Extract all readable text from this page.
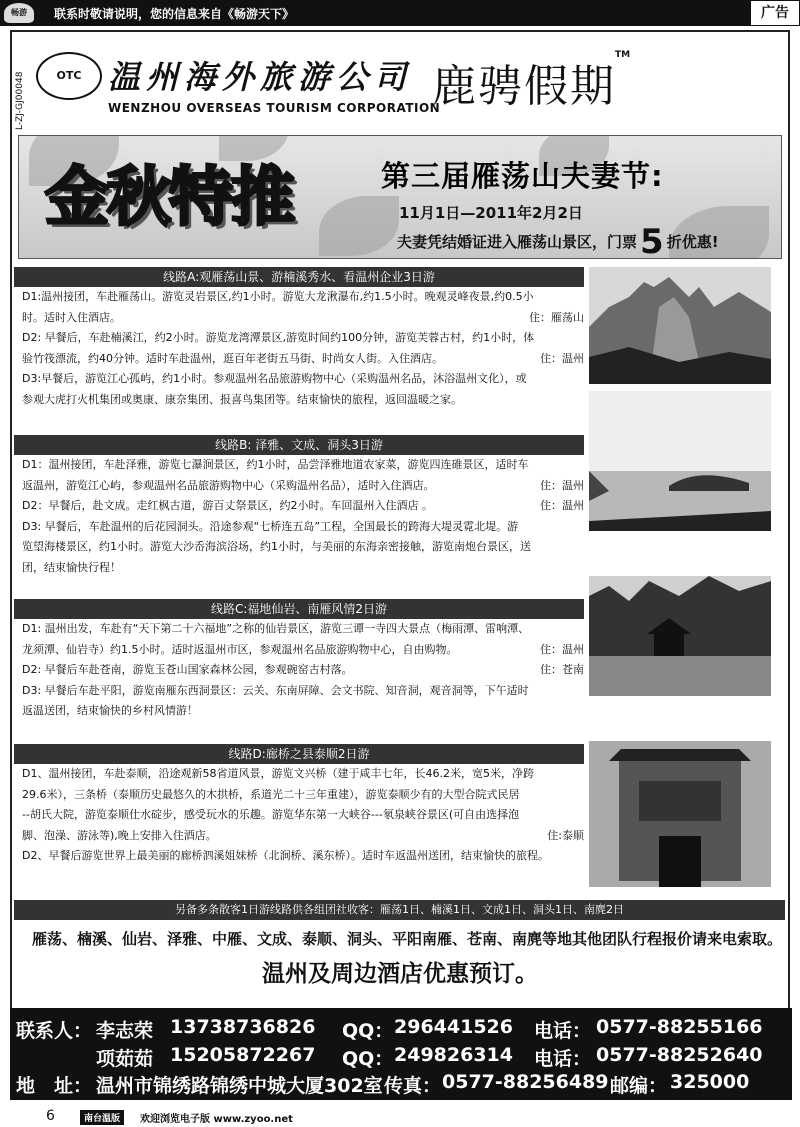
畅游	联系时敬请说明，您的信息来自《畅游天下》	广告
L-ZJ-GJ00048	OTC 温州海外旅游公司
WENZHOU OVERSEAS TOURISM CORPORATION
鹿骋假期
TM
金秋特推	第三届雁荡山夫妻节:
11月1日—2011年2月2日
夫妻凭结婚证进入雁荡山景区，门票5 折优惠!
线路A:观雁荡山景、游楠溪秀水、看温州企业3日游
D1:温州接团，车赴雁荡山。游览灵岩景区,约1小时。游览大龙湫瀑布,约1.5小时。晚观灵峰夜景,约0.5小
住：雁荡山
时。适时入住酒店。
D2: 早餐后，车赴楠溪江，约2小时。游览龙湾潭景区,游览时间约100分钟，游览芙蓉古村，约1小时，体
住：温州
验竹筏漂流，约40分钟。适时车赴温州，逛百年老街五马街、时尚女人街。入住酒店。
D3:早餐后，游览江心孤屿，约1小时。参观温州名品旅游购物中心（采购温州名品，沐浴温州文化），或
参观大虎打火机集团或奥康、康奈集团、报喜鸟集团等。结束愉快的旅程，返回温暖之家。
线路B: 泽雅、文成、洞头3日游
D1：温州接团，车赴泽雅，游览七瀑涧景区，约1小时，品尝泽雅地道农家菜，游览四连碓景区，适时车
住：温州
返温州，游览江心屿，参观温州名品旅游购物中心（采购温州名品），适时入住酒店。
住：温州
D2：早餐后，赴文成。走红枫古道，游百丈祭景区，约2小时。车回温州入住酒店 。
D3: 早餐后，车赴温州的后花园洞头。沿途参观“七桥连五岛”工程，全国最长的跨海大堤灵霓北堤。游
览望海楼景区，约1小时。游览大沙岙海滨浴场，约1小时，与美丽的东海亲密接触，游览南炮台景区，送
团，结束愉快行程！
线路C:福地仙岩、南雁风情2日游
D1: 温州出发，车赴有“天下第二十六福地”之称的仙岩景区，游览三谭一寺四大景点（梅雨潭、雷响潭、
住：温州
龙须潭、仙岩寺）约1.5小时。适时返温州市区，参观温州名品旅游购物中心，自由购物。
住：苍南
D2: 早餐后车赴苍南，游览玉苍山国家森林公园，参观碗窑古村落。
D3: 早餐后车赴平阳，游览南雁东西洞景区：云关、东南屏障、会文书院、知音洞，观音洞等，下午适时
返温送团，结束愉快的乡村风情游！
线路D:廊桥之县泰顺2日游
D1、温州接团，车赴泰顺，沿途观新58省道风景，游览文兴桥（建于咸丰七年，长46.2米，宽5米，净跨
29.6米），三条桥（泰顺历史最悠久的木拱桥，系道光二十三年重建），游览泰顺少有的大型合院式民居
--胡氏大院，游览泰顺仕水碇步，感受玩水的乐趣。游览华东第一大峡谷---氡泉峡谷景区(可自由选择泡
住:泰顺
脚、泡澡、游泳等),晚上安排入住酒店。
D2、早餐后游览世界上最美丽的廊桥泗溪姐妹桥（北涧桥、溪东桥）。适时车返温州送团，结束愉快的旅程。
另备多条散客1日游线路供各组团社收客：雁荡1日、楠溪1日、文成1日、洞头1日、南麂2日
雁荡、楠溪、仙岩、泽雅、中雁、文成、泰顺、洞头、平阳南雁、苍南、南麂等地其他团队行程报价请来电索取。
温州及周边酒店优惠预订。
联系人： 李志荣 13738736826 QQ： 296441526 电话： 0577-88255166
项茹茹 15205872267 QQ： 249826314 电话： 0577-88252640
地　址： 温州市锦绣路锦绣中城大厦302室 传真： 0577-88256489 邮编： 325000
6	南台温版	欢迎浏览电子版 www.zyoo.net
